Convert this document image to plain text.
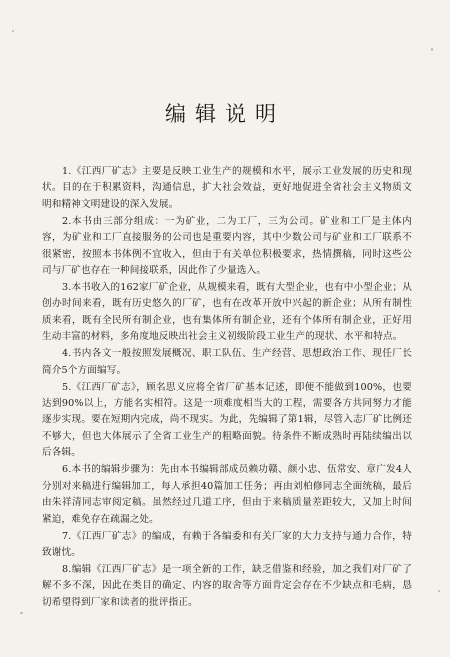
编辑说明

1.《江西厂矿志》主要是反映工业生产的规模和水平，展示工业发展的历史和现状。目的在于积累资料，沟通信息，扩大社会效益，更好地促进全省社会主义物质文明和精神文明建设的深入发展。

2.本书由三部分组成：一为矿业，二为工厂，三为公司。矿业和工厂是主体内容，为矿业和工厂直接服务的公司也是重要内容，其中少数公司与矿业和工厂联系不很紧密，按照本书体例不宜收入，但由于有关单位积极要求，热情撰稿，同时这些公司与厂矿也存在一种间接联系，因此作了少量选入。

3.本书收入的162家厂矿企业，从规模来看，既有大型企业，也有中小型企业；从创办时间来看，既有历史悠久的厂矿，也有在改革开放中兴起的新企业；从所有制性质来看，既有全民所有制企业，也有集体所有制企业，还有个体所有制企业，正好用生动丰富的材料，多角度地反映出社会主义初级阶段工业生产的现状、水平和特点。

4.书内各文一般按照发展概况、职工队伍、生产经营、思想政治工作、现任厂长简介5个方面编写。

5.《江西厂矿志》，顾名思义应将全省厂矿基本记述，即便不能做到100%，也要达到90%以上，方能名实相符。这是一项难度相当大的工程，需要各方共同努力才能逐步实现。要在短期内完成，尚不现实。为此，先编辑了第1辑，尽管入志厂矿比例还不够大，但也大体展示了全省工业生产的粗略面貌。待条件不断成熟时再陆续编出以后各辑。

6.本书的编辑步骤为：先由本书编辑部成员赖功赣、颜小忠、伍常安、章广发4人分别对来稿进行编辑加工，每人承担40篇加工任务；再由刘柏修同志全面统稿，最后由朱祥清同志审阅定稿。虽然经过几道工序，但由于来稿质量差距较大，又加上时间紧迫，难免存在疏漏之处。

7.《江西厂矿志》的编成，有赖于各编委和有关厂家的大力支持与通力合作，特致谢忱。

8.编辑《江西厂矿志》是一项全新的工作，缺乏借鉴和经验，加之我们对厂矿了解不多不深，因此在类目的确定、内容的取舍等方面肯定会存在不少缺点和毛病，恳切希望得到厂家和读者的批评指正。
